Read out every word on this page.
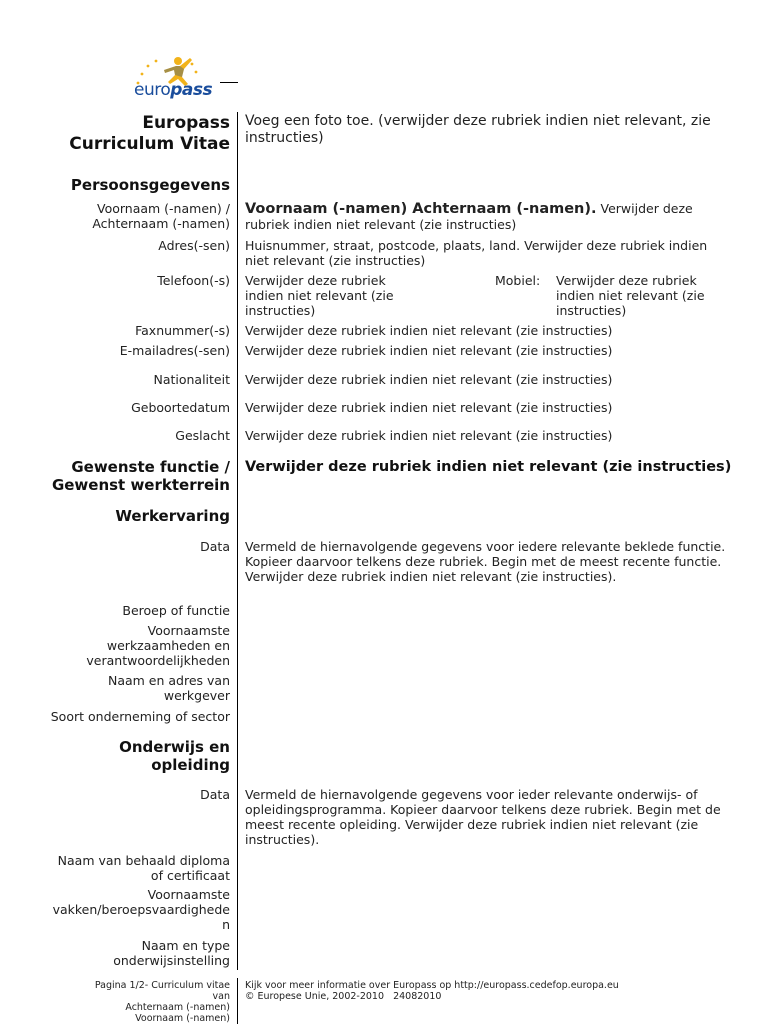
europass
Europass
Curriculum Vitae
Voeg een foto toe. (verwijder deze rubriek indien niet relevant, zie instructies)
Persoonsgegevens
Voornaam (-namen) / Achternaam (-namen)
Voornaam (-namen) Achternaam (-namen). Verwijder deze rubriek indien niet relevant (zie instructies)
Adres(-sen) Huisnummer, straat, postcode, plaats, land. Verwijder deze rubriek indien niet relevant (zie instructies)
Telefoon(-s) Verwijder deze rubriek indien niet relevant (zie instructies)
Mobiel:	Verwijder deze rubriek indien niet relevant (zie instructies)
Faxnummer(-s) Verwijder deze rubriek indien niet relevant (zie instructies)
E-mailadres(-sen) Verwijder deze rubriek indien niet relevant (zie instructies)
Nationaliteit Verwijder deze rubriek indien niet relevant (zie instructies)
Geboortedatum Verwijder deze rubriek indien niet relevant (zie instructies)
Geslacht Verwijder deze rubriek indien niet relevant (zie instructies)
Gewenste functie /
Gewenst werkterrein
Verwijder deze rubriek indien niet relevant (zie instructies)
Werkervaring
Data Vermeld de hiernavolgende gegevens voor iedere relevante beklede functie. Kopieer daarvoor telkens deze rubriek. Begin met de meest recente functie. Verwijder deze rubriek indien niet relevant (zie instructies).
Beroep of functie
Voornaamste
werkzaamheden en
verantwoordelijkheden
Naam en adres van
werkgever
Soort onderneming of sector
Onderwijs en
opleiding
Data Vermeld de hiernavolgende gegevens voor ieder relevante onderwijs- of opleidingsprogramma. Kopieer daarvoor telkens deze rubriek. Begin met de meest recente opleiding. Verwijder deze rubriek indien niet relevant (zie instructies).
Naam van behaald diploma
of certificaat
Voornaamste
vakken/beroepsvaardighede
n
Naam en type
onderwijsinstelling
Pagina 1/2- Curriculum vitae
van
Achternaam (-namen)
Voornaam (-namen)
Kijk voor meer informatie over Europass op http://europass.cedefop.europa.eu
© Europese Unie, 2002-2010   24082010
